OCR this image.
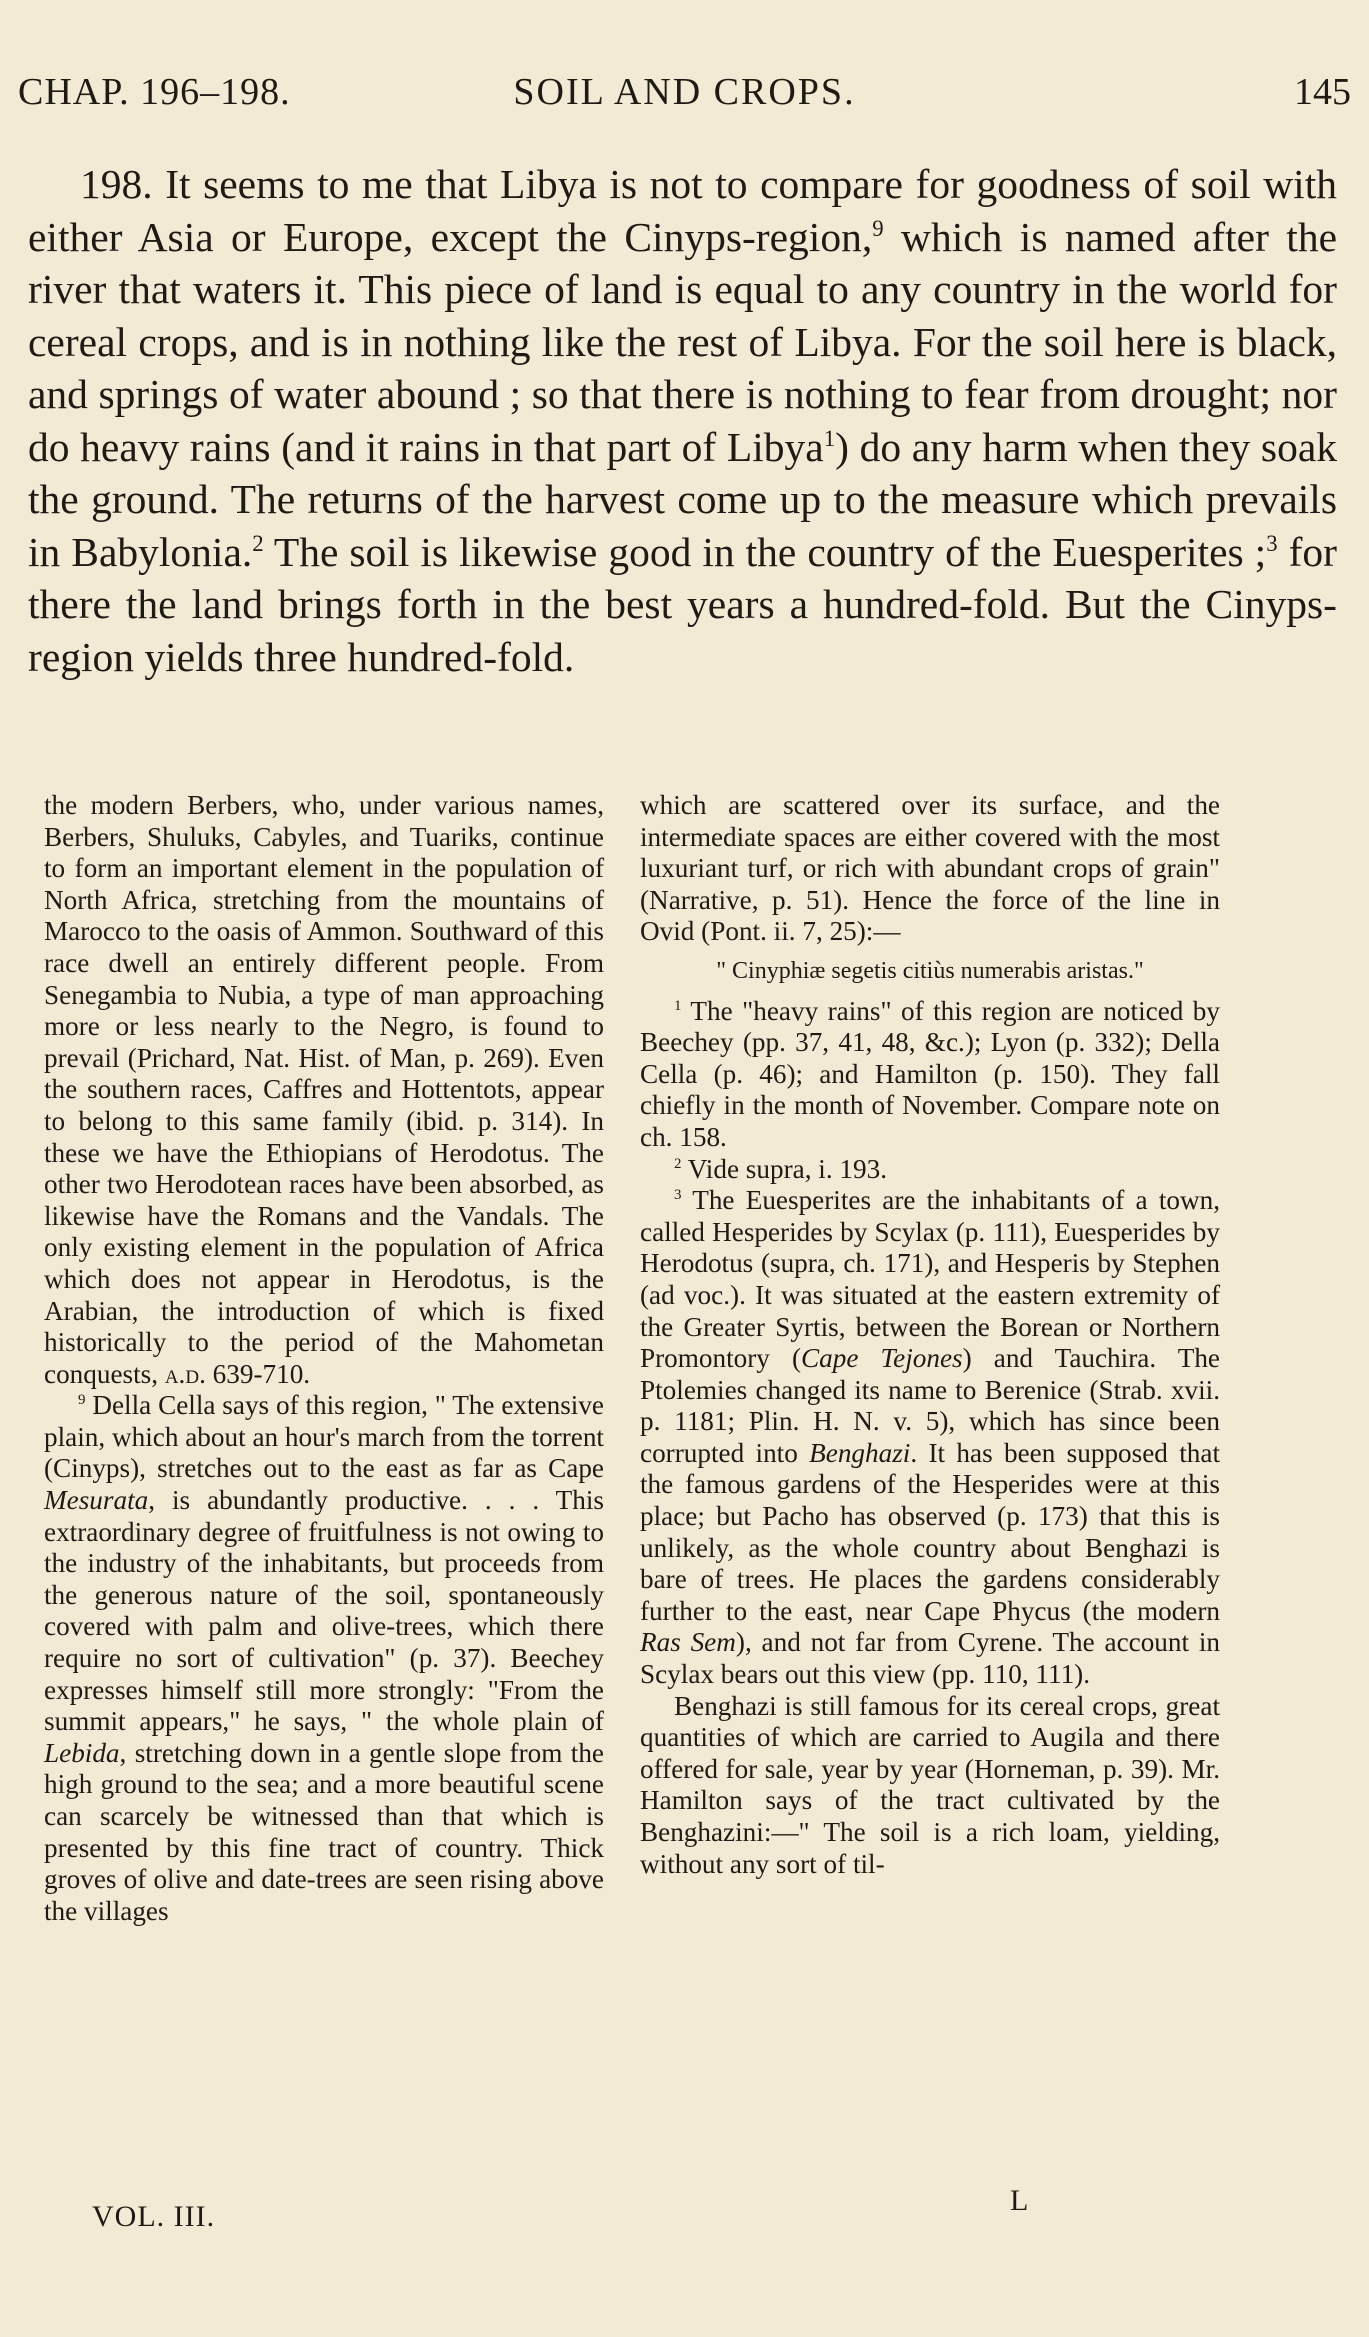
CHAP. 196–198.	SOIL AND CROPS.	145

198. It seems to me that Libya is not to compare for goodness of soil with either Asia or Europe, except the Cinyps-region,$^9$ which is named after the river that waters it. This piece of land is equal to any country in the world for cereal crops, and is in nothing like the rest of Libya. For the soil here is black, and springs of water abound ; so that there is nothing to fear from drought; nor do heavy rains (and it rains in that part of Libya$^1$) do any harm when they soak the ground. The returns of the harvest come up to the measure which prevails in Babylonia.$^2$ The soil is likewise good in the country of the Euesperites ;$^3$ for there the land brings forth in the best years a hundred-fold. But the Cinyps-region yields three hundred-fold.

the modern Berbers, who, under various names, Berbers, Shuluks, Cabyles, and Tuariks, continue to form an important element in the population of North Africa, stretching from the mountains of Marocco to the oasis of Ammon. Southward of this race dwell an entirely different people. From Senegambia to Nubia, a type of man approaching more or less nearly to the Negro, is found to prevail (Prichard, Nat. Hist. of Man, p. 269). Even the southern races, Caffres and Hottentots, appear to belong to this same family (ibid. p. 314). In these we have the Ethiopians of Herodotus. The other two Herodotean races have been absorbed, as likewise have the Romans and the Vandals. The only existing element in the population of Africa which does not appear in Herodotus, is the Arabian, the introduction of which is fixed historically to the period of the Mahometan conquests, a.d. 639-710.

$^9$ Della Cella says of this region, " The extensive plain, which about an hour's march from the torrent (Cinyps), stretches out to the east as far as Cape Mesurata, is abundantly productive. . . . This extraordinary degree of fruitfulness is not owing to the industry of the inhabitants, but proceeds from the generous nature of the soil, spontaneously covered with palm and olive-trees, which there require no sort of cultivation" (p. 37). Beechey expresses himself still more strongly: "From the summit appears," he says, " the whole plain of Lebida, stretching down in a gentle slope from the high ground to the sea; and a more beautiful scene can scarcely be witnessed than that which is presented by this fine tract of country. Thick groves of olive and date-trees are seen rising above the villages

which are scattered over its surface, and the intermediate spaces are either covered with the most luxuriant turf, or rich with abundant crops of grain" (Narrative, p. 51). Hence the force of the line in Ovid (Pont. ii. 7, 25):—

" Cinyphiæ segetis citiùs numerabis aristas."

$^1$ The "heavy rains" of this region are noticed by Beechey (pp. 37, 41, 48, &c.); Lyon (p. 332); Della Cella (p. 46); and Hamilton (p. 150). They fall chiefly in the month of November. Compare note on ch. 158.

$^2$ Vide supra, i. 193.

$^3$ The Euesperites are the inhabitants of a town, called Hesperides by Scylax (p. 111), Euesperides by Herodotus (supra, ch. 171), and Hesperis by Stephen (ad voc.). It was situated at the eastern extremity of the Greater Syrtis, between the Borean or Northern Promontory (Cape Tejones) and Tauchira. The Ptolemies changed its name to Berenice (Strab. xvii. p. 1181; Plin. H. N. v. 5), which has since been corrupted into Benghazi. It has been supposed that the famous gardens of the Hesperides were at this place; but Pacho has observed (p. 173) that this is unlikely, as the whole country about Benghazi is bare of trees. He places the gardens considerably further to the east, near Cape Phycus (the modern Ras Sem), and not far from Cyrene. The account in Scylax bears out this view (pp. 110, 111).

Benghazi is still famous for its cereal crops, great quantities of which are carried to Augila and there offered for sale, year by year (Horneman, p. 39). Mr. Hamilton says of the tract cultivated by the Benghazini:—" The soil is a rich loam, yielding, without any sort of til-

VOL. III.	L
